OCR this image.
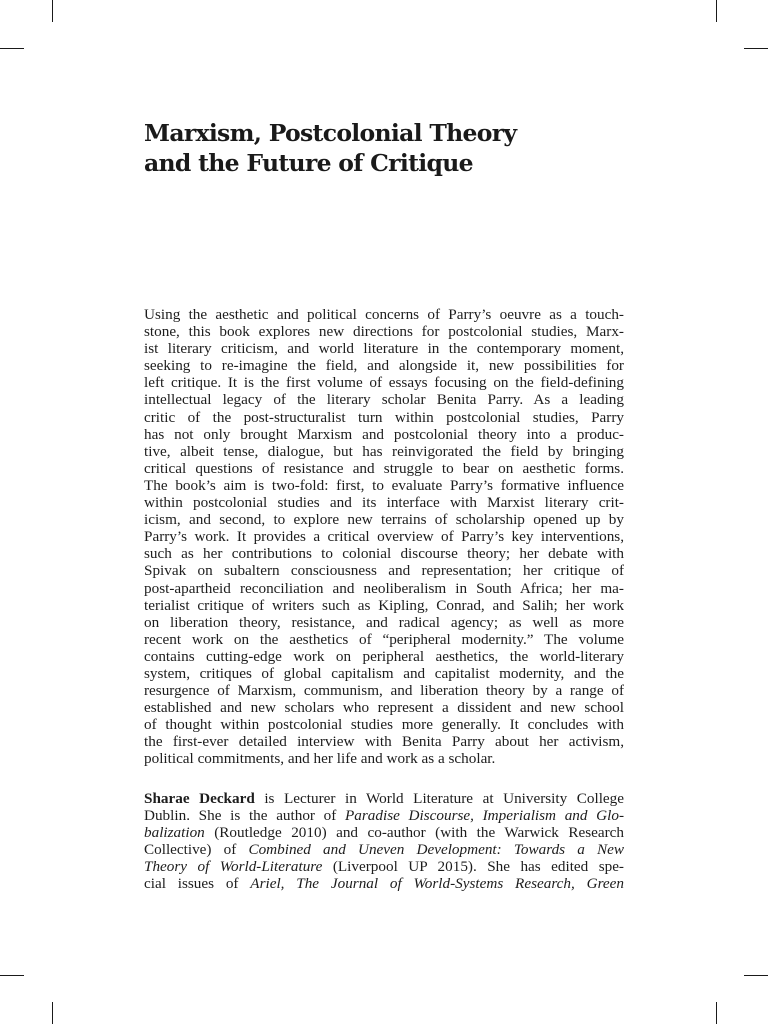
Marxism, Postcolonial Theory
and the Future of Critique
Using the aesthetic and political concerns of Parry’s oeuvre as a touch-
stone, this book explores new directions for postcolonial studies, Marx-
ist literary criticism, and world literature in the contemporary moment,
seeking to re-imagine the field, and alongside it, new possibilities for
left critique. It is the first volume of essays focusing on the field-defining
intellectual legacy of the literary scholar Benita Parry. As a leading
critic of the post-structuralist turn within postcolonial studies, Parry
has not only brought Marxism and postcolonial theory into a produc-
tive, albeit tense, dialogue, but has reinvigorated the field by bringing
critical questions of resistance and struggle to bear on aesthetic forms.
The book’s aim is two-fold: first, to evaluate Parry’s formative influence
within postcolonial studies and its interface with Marxist literary crit-
icism, and second, to explore new terrains of scholarship opened up by
Parry’s work. It provides a critical overview of Parry’s key interventions,
such as her contributions to colonial discourse theory; her debate with
Spivak on subaltern consciousness and representation; her critique of
post-apartheid reconciliation and neoliberalism in South Africa; her ma-
terialist critique of writers such as Kipling, Conrad, and Salih; her work
on liberation theory, resistance, and radical agency; as well as more
recent work on the aesthetics of “peripheral modernity.” The volume
contains cutting-edge work on peripheral aesthetics, the world-literary
system, critiques of global capitalism and capitalist modernity, and the
resurgence of Marxism, communism, and liberation theory by a range of
established and new scholars who represent a dissident and new school
of thought within postcolonial studies more generally. It concludes with
the first-ever detailed interview with Benita Parry about her activism,
political commitments, and her life and work as a scholar.
Sharae Deckard is Lecturer in World Literature at University College
Dublin. She is the author of Paradise Discourse, Imperialism and Glo-
balization (Routledge 2010) and co-author (with the Warwick Research
Collective) of Combined and Uneven Development: Towards a New
Theory of World-Literature (Liverpool UP 2015). She has edited spe-
cial issues of Ariel, The Journal of World-Systems Research, Green
